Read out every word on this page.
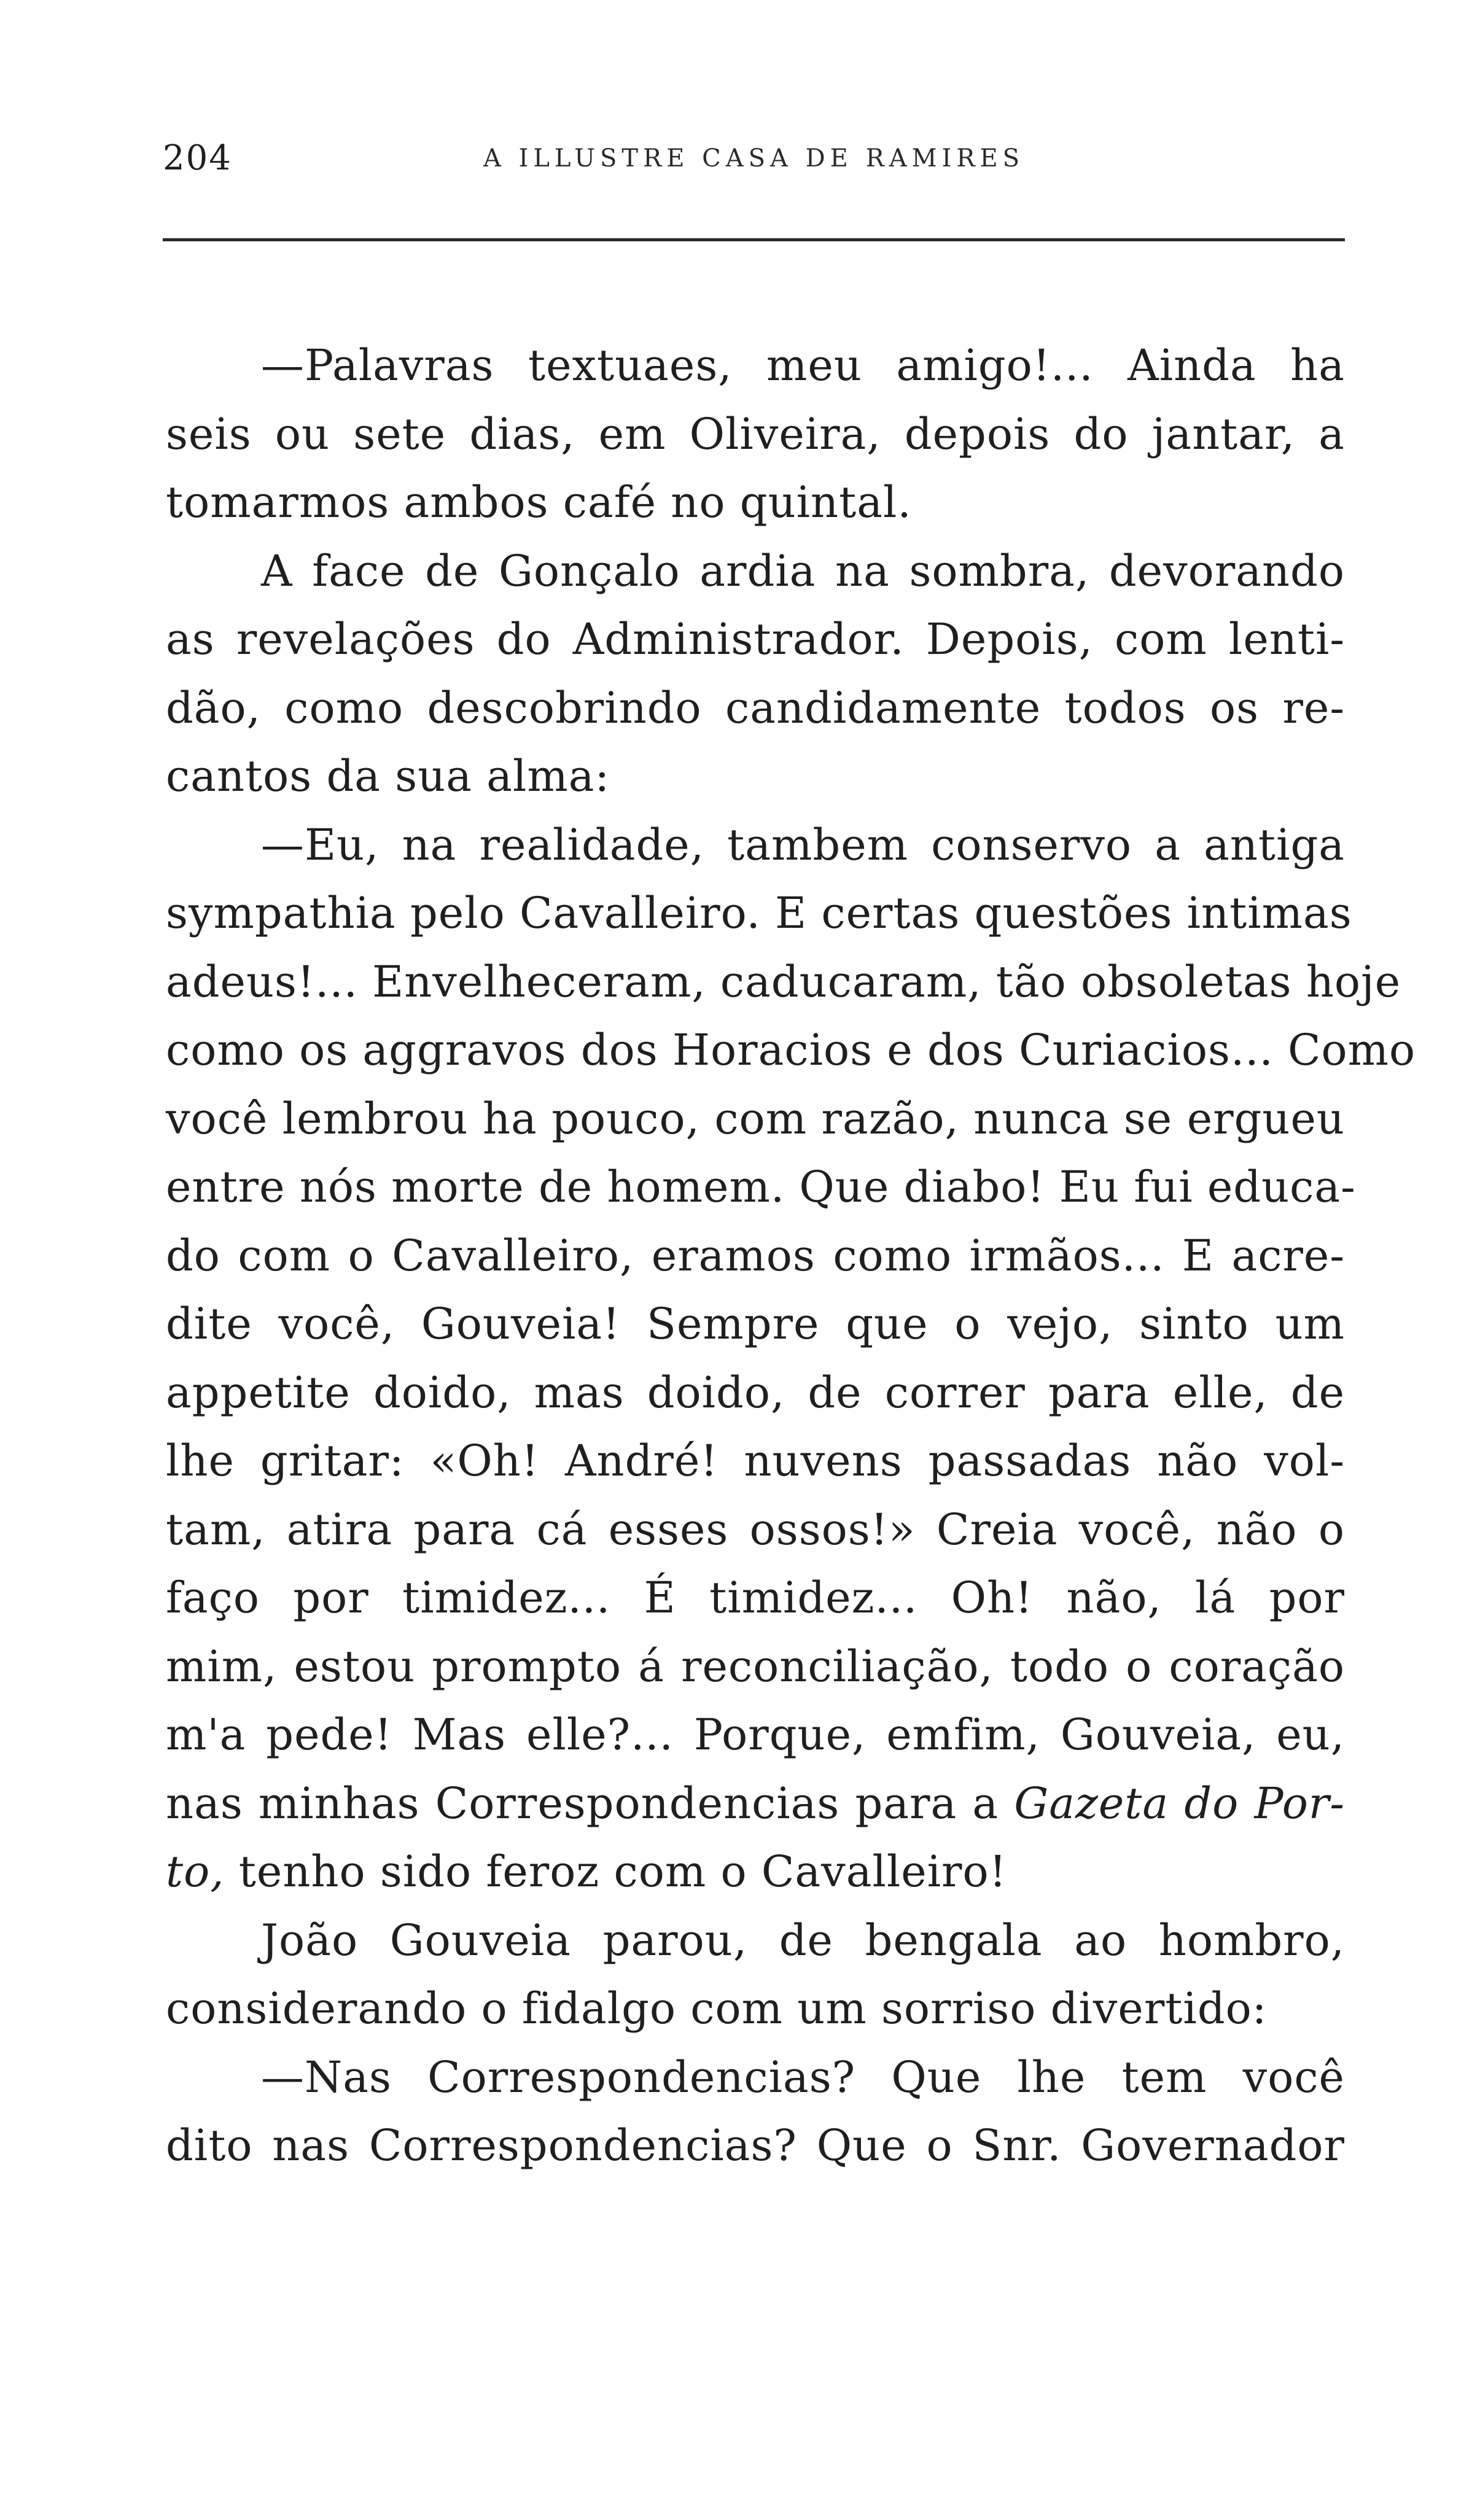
204	A ILLUSTRE CASA DE RAMIRES
—Palavras textuaes, meu amigo!... Ainda ha
seis ou sete dias, em Oliveira, depois do jantar, a
tomarmos ambos café no quintal.
A face de Gonçalo ardia na sombra, devorando
as revelações do Administrador. Depois, com lenti-
dão, como descobrindo candidamente todos os re-
cantos da sua alma:
—Eu, na realidade, tambem conservo a antiga
sympathia pelo Cavalleiro. E certas questões intimas
adeus!... Envelheceram, caducaram, tão obsoletas hoje
como os aggravos dos Horacios e dos Curiacios... Como
você lembrou ha pouco, com razão, nunca se ergueu
entre nós morte de homem. Que diabo! Eu fui educa-
do com o Cavalleiro, eramos como irmãos... E acre-
dite você, Gouveia! Sempre que o vejo, sinto um
appetite doido, mas doido, de correr para elle, de
lhe gritar: «Oh! André! nuvens passadas não vol-
tam, atira para cá esses ossos!» Creia você, não o
faço por timidez... É timidez... Oh! não, lá por
mim, estou prompto á reconciliação, todo o coração
m'a pede! Mas elle?... Porque, emfim, Gouveia, eu,
nas minhas Correspondencias para a Gazeta do Por-
to, tenho sido feroz com o Cavalleiro!
João Gouveia parou, de bengala ao hombro,
considerando o fidalgo com um sorriso divertido:
—Nas Correspondencias? Que lhe tem você
dito nas Correspondencias? Que o Snr. Governador
